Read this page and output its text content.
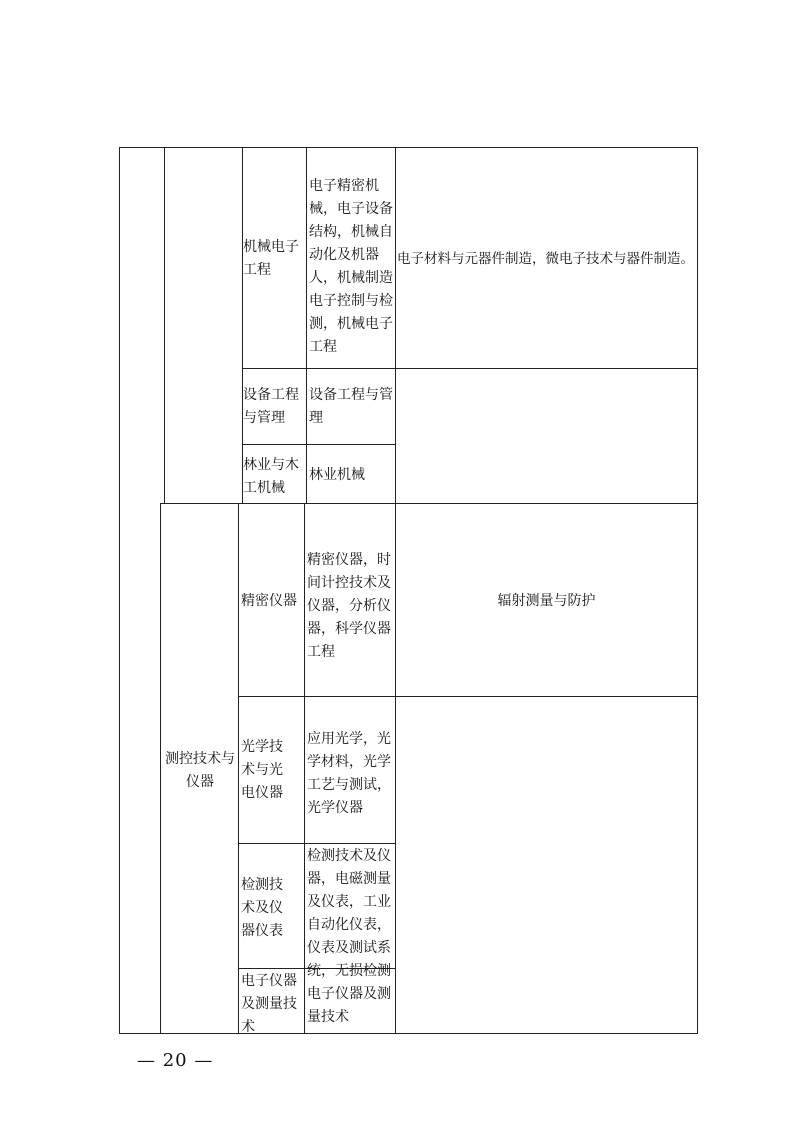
机械电子工程
电子精密机械，电子设备结构，机械自动化及机器人，机械制造电子控制与检测，机械电子工程
电子材料与元器件制造，微电子技术与器件制造。
设备工程与管理
设备工程与管理
林业与木工机械
林业机械
测控技术与仪器
精密仪器
精密仪器，时间计控技术及仪器，分析仪器，科学仪器工程
辐射测量与防护
光学技术与光电仪器
应用光学，光学材料，光学工艺与测试，光学仪器
检测技术及仪器仪表
检测技术及仪器，电磁测量及仪表，工业自动化仪表，仪表及测试系统，无损检测
电子仪器及测量技术
电子仪器及测量技术
— 20 —
